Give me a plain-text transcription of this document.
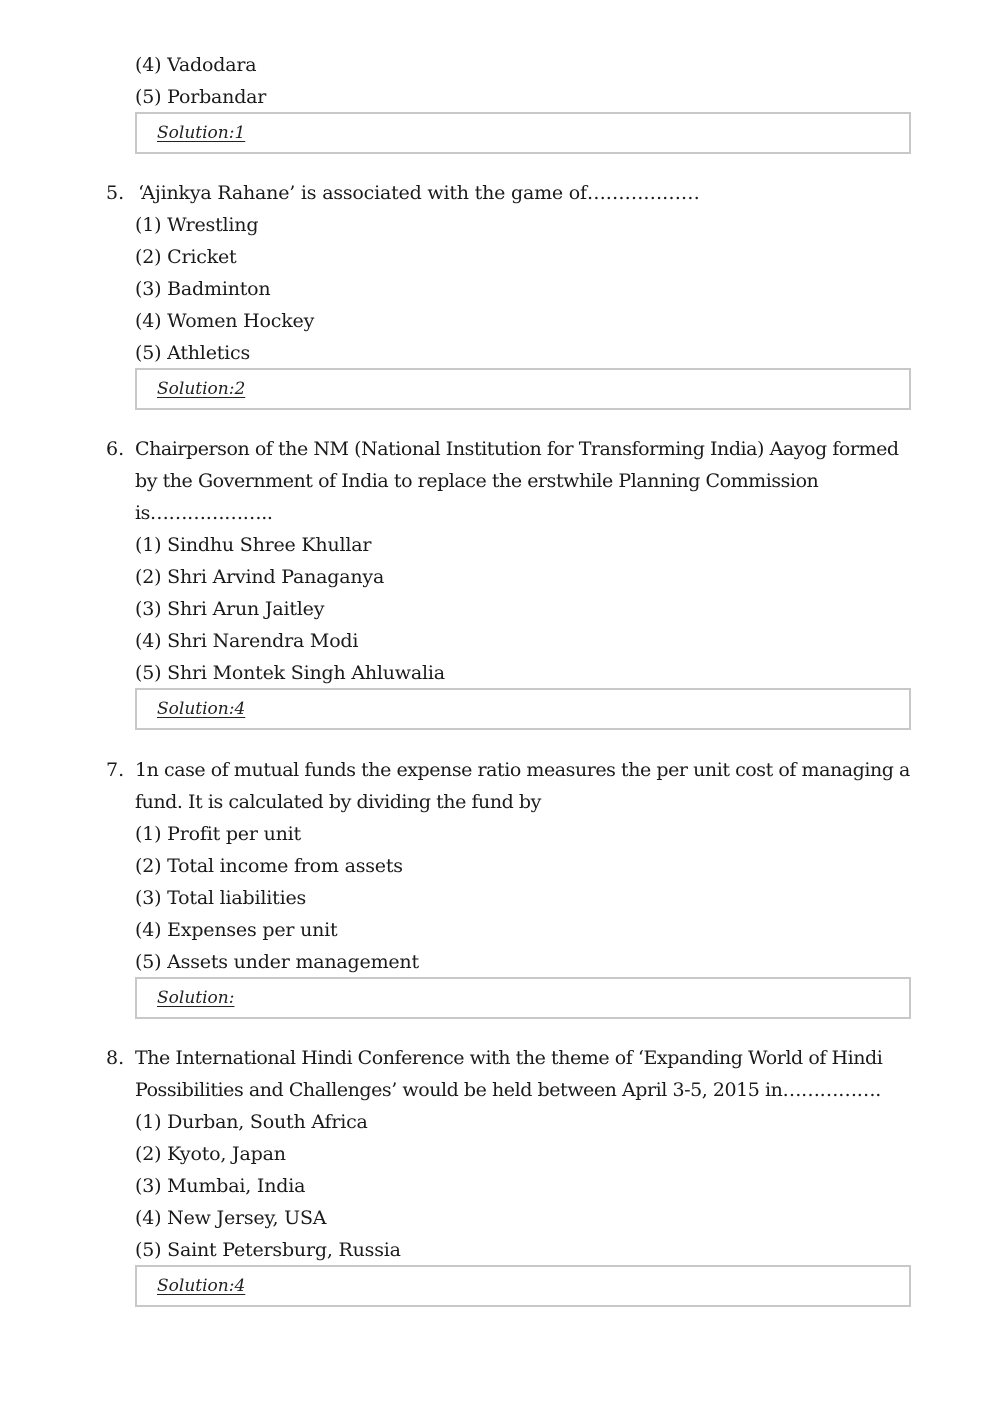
(4) Vadodara
(5) Porbandar
Solution:1
5. ‘Ajinkya Rahane’ is associated with the game of………………
(1) Wrestling
(2) Cricket
(3) Badminton
(4) Women Hockey
(5) Athletics
Solution:2
6. Chairperson of the NM (National Institution for Transforming India) Aayog formed by the Government of India to replace the erstwhile Planning Commission is………………..
(1) Sindhu Shree Khullar
(2) Shri Arvind Panaganya
(3) Shri Arun Jaitley
(4) Shri Narendra Modi
(5) Shri Montek Singh Ahluwalia
Solution:4
7. 1n case of mutual funds the expense ratio measures the per unit cost of managing a fund. It is calculated by dividing the fund by
(1) Profit per unit
(2) Total income from assets
(3) Total liabilities
(4) Expenses per unit
(5) Assets under management
Solution:
8. The International Hindi Conference with the theme of ‘Expanding World of Hindi Possibilities and Challenges’ would be held between April 3-5, 2015 in…………….
(1) Durban, South Africa
(2) Kyoto, Japan
(3) Mumbai, India
(4) New Jersey, USA
(5) Saint Petersburg, Russia
Solution:4
